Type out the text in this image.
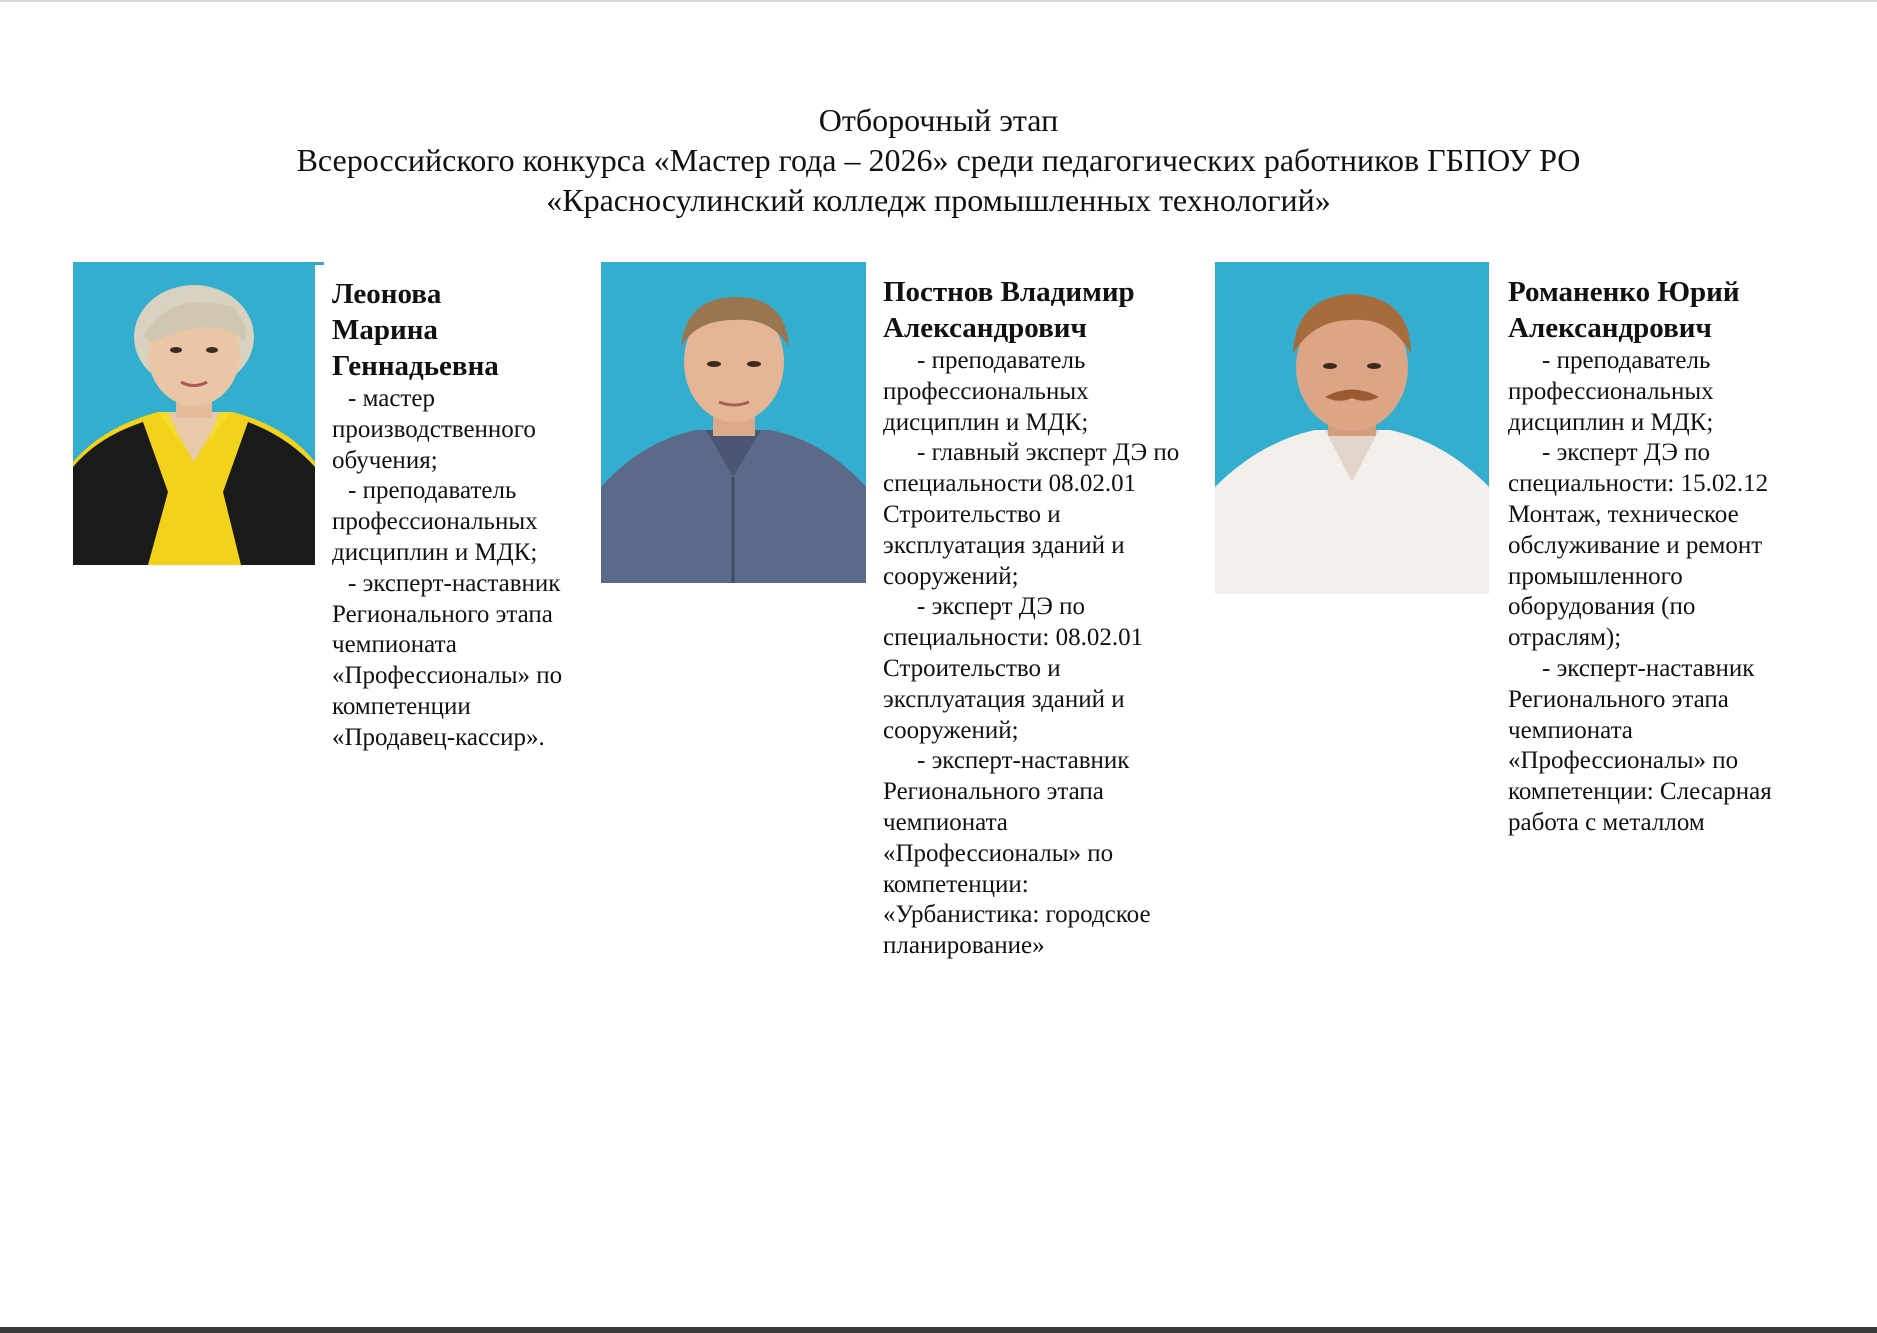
Отборочный этап
Всероссийского конкурса «Мастер года – 2026» среди педагогических работников ГБПОУ РО
«Красносулинский колледж промышленных технологий»
Леонова
Марина
Геннадьевна

- мастер производственного обучения;

- преподаватель профессиональных дисциплин и МДК;

- эксперт-наставник Регионального этапа чемпионата «Профессионалы» по компетенции «Продавец-кассир».

Постнов Владимир
Александрович

- преподаватель профессиональных дисциплин и МДК;

- главный эксперт ДЭ по специальности 08.02.01 Строительство и эксплуатация зданий и сооружений;

- эксперт ДЭ по специальности: 08.02.01 Строительство и эксплуатация зданий и сооружений;

- эксперт-наставник Регионального этапа чемпионата «Профессионалы» по компетенции: «Урбанистика: городское планирование»

Романенко Юрий
Александрович

- преподаватель профессиональных дисциплин и МДК;

- эксперт ДЭ по специальности: 15.02.12 Монтаж, техническое обслуживание и ремонт промышленного оборудования (по отраслям);

- эксперт-наставник Регионального этапа чемпионата «Профессионалы» по компетенции: Слесарная работа с металлом
